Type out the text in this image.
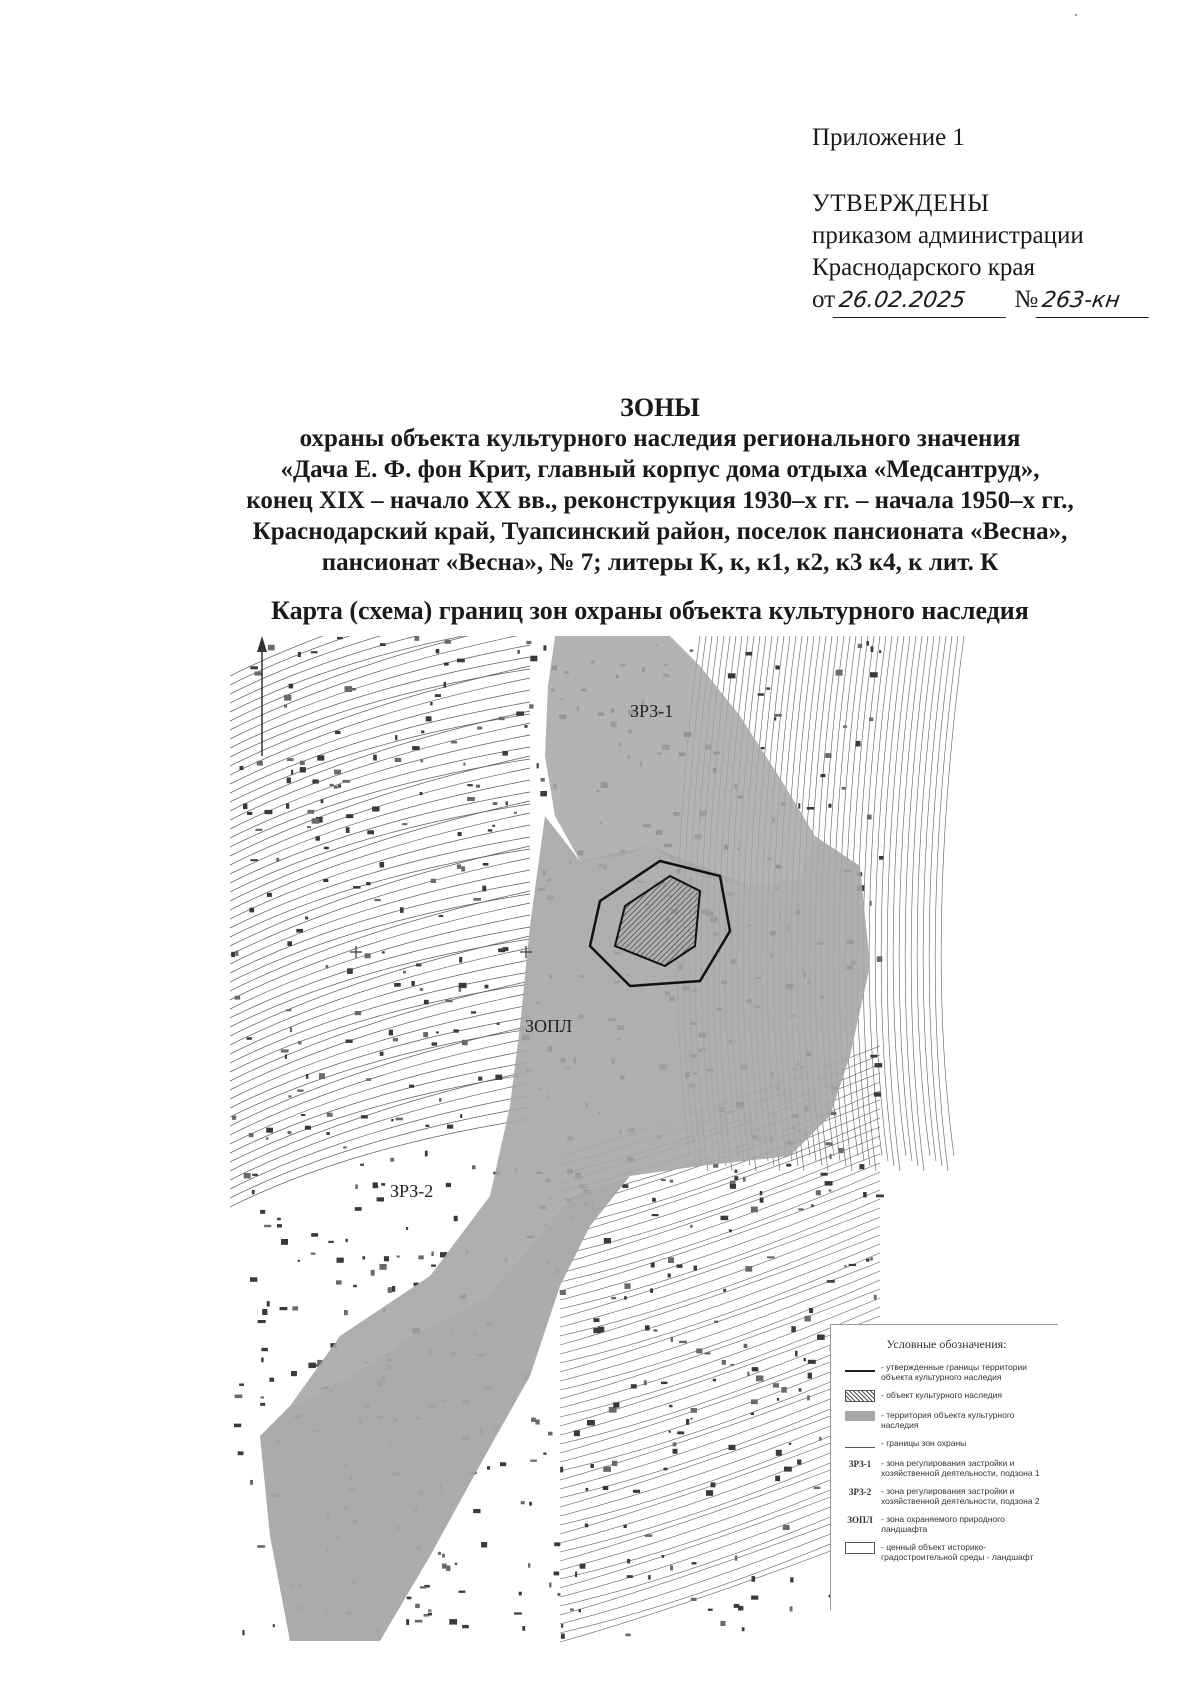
Приложение 1
УТВЕРЖДЕНЫ
приказом администрации
Краснодарского края
от 26.02.2025 № 263-кн
ЗОНЫ
охраны объекта культурного наследия регионального значения
«Дача Е. Ф. фон Крит, главный корпус дома отдыха «Медсантруд»,
конец XIX – начало XX вв., реконструкция 1930–х гг. – начала 1950–х гг.,
Краснодарский край, Туапсинский район, поселок пансионата «Весна»,
пансионат «Весна», № 7; литеры К, к, к1, к2, к3 к4, к лит. К
Карта (схема) границ зон охраны объекта культурного наследия
ЗРЗ-1
ЗОПЛ
ЗРЗ-2
Условные обозначения:
- утвержденные границы территории объекта культурного наследия
- объект культурного наследия
- территория объекта культурного наследия
- границы зон охраны
ЗРЗ-1	- зона регулирования застройки и хозяйственной деятельности, подзона 1
ЗРЗ-2	- зона регулирования застройки и хозяйственной деятельности, подзона 2
ЗОПЛ - зона охраняемого природного ландшафта
- ценный объект историко-градостроительной среды - ландшафт
